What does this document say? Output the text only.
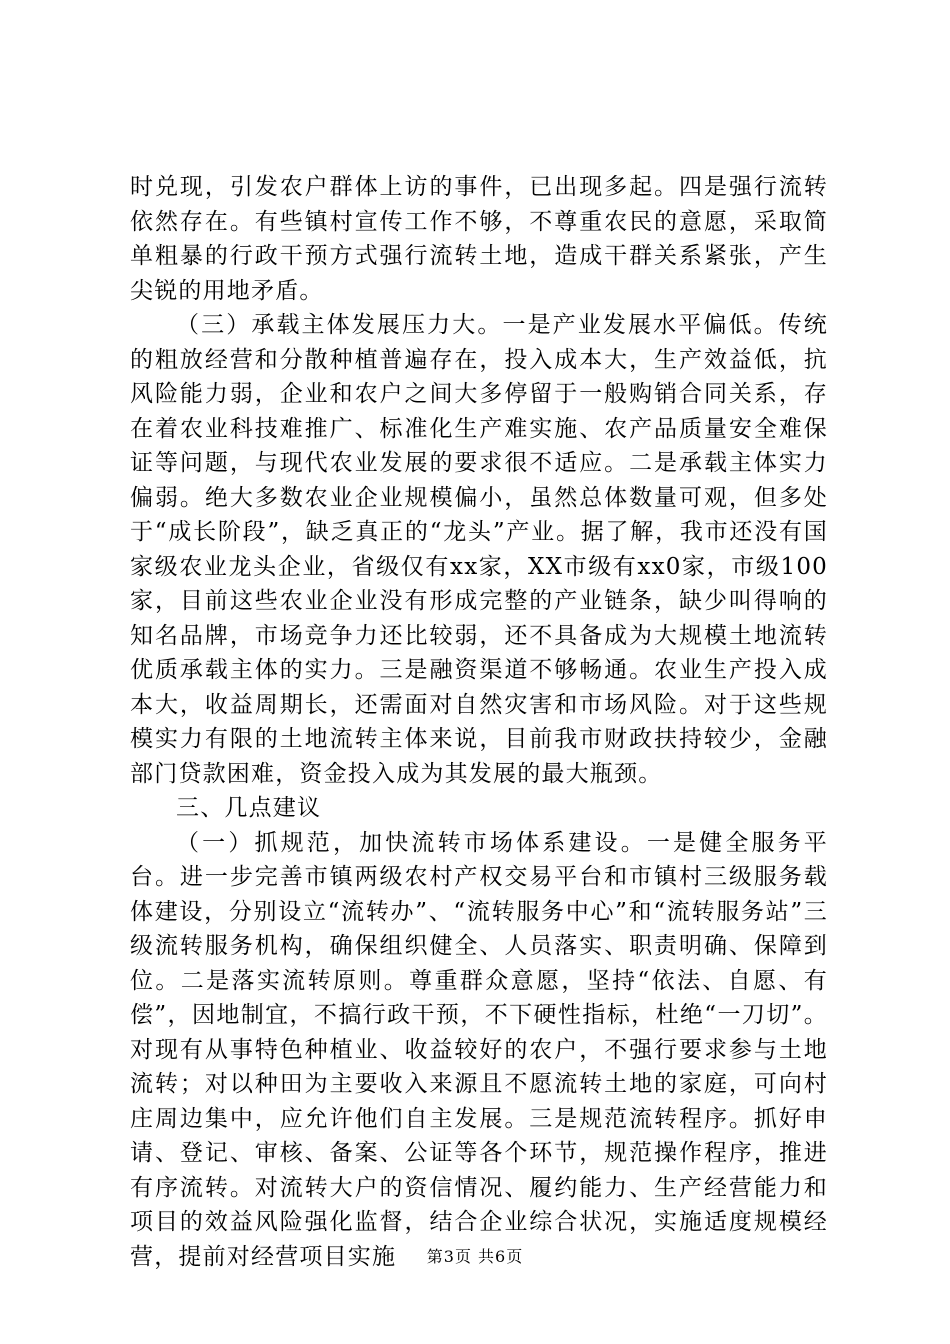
时兑现，引发农户群体上访的事件，已出现多起。四是强行流转依然存在。有些镇村宣传工作不够，不尊重农民的意愿，采取简单粗暴的行政干预方式强行流转土地，造成干群关系紧张，产生尖锐的用地矛盾。

（三）承载主体发展压力大。一是产业发展水平偏低。传统的粗放经营和分散种植普遍存在，投入成本大，生产效益低，抗风险能力弱，企业和农户之间大多停留于一般购销合同关系，存在着农业科技难推广、标准化生产难实施、农产品质量安全难保证等问题，与现代农业发展的要求很不适应。二是承载主体实力偏弱。绝大多数农业企业规模偏小，虽然总体数量可观，但多处于“成长阶段”，缺乏真正的“龙头”产业。据了解，我市还没有国家级农业龙头企业，省级仅有xx家，XX市级有xx0家，市级100家，目前这些农业企业没有形成完整的产业链条，缺少叫得响的知名品牌，市场竞争力还比较弱，还不具备成为大规模土地流转优质承载主体的实力。三是融资渠道不够畅通。农业生产投入成本大，收益周期长，还需面对自然灾害和市场风险。对于这些规模实力有限的土地流转主体来说，目前我市财政扶持较少，金融部门贷款困难，资金投入成为其发展的最大瓶颈。

三、几点建议

（一）抓规范，加快流转市场体系建设。一是健全服务平台。进一步完善市镇两级农村产权交易平台和市镇村三级服务载体建设，分别设立“流转办”、“流转服务中心”和“流转服务站”三级流转服务机构，确保组织健全、人员落实、职责明确、保障到位。二是落实流转原则。尊重群众意愿，坚持“依法、自愿、有偿”，因地制宜，不搞行政干预，不下硬性指标，杜绝“一刀切”。对现有从事特色种植业、收益较好的农户，不强行要求参与土地流转；对以种田为主要收入来源且不愿流转土地的家庭，可向村庄周边集中，应允许他们自主发展。三是规范流转程序。抓好申请、登记、审核、备案、公证等各个环节，规范操作程序，推进有序流转。对流转大户的资信情况、履约能力、生产经营能力和项目的效益风险强化监督，结合企业综合状况，实施适度规模经营，提前对经营项目实施	第3页 共6页
